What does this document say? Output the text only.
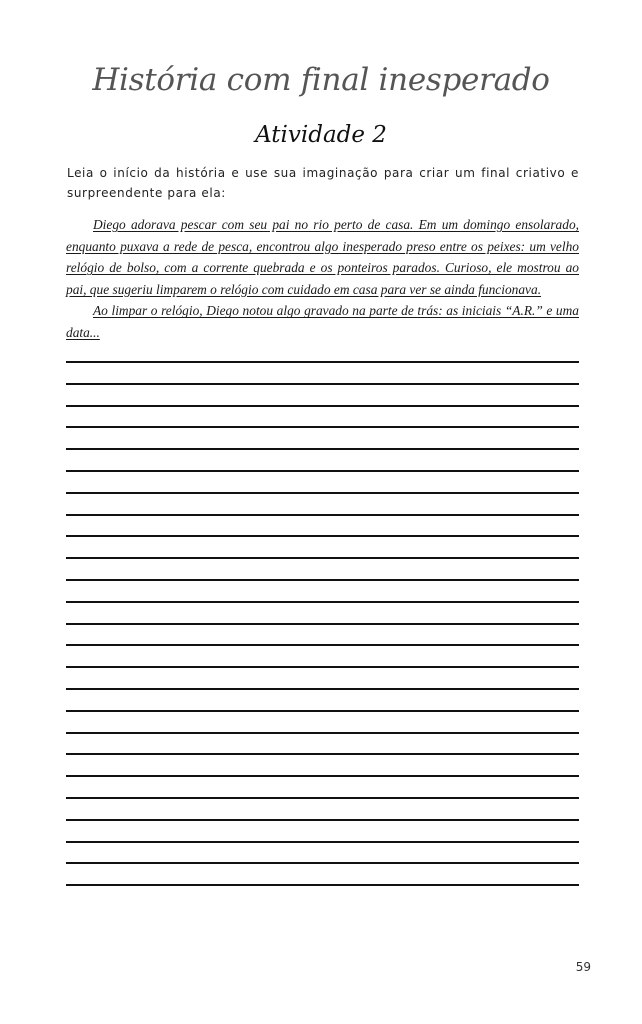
História com final inesperado
Atividade 2

Leia o início da história e use sua imaginação para criar um final criativo e surpreendente para ela:

Diego adorava pescar com seu pai no rio perto de casa. Em um domingo ensolarado, enquanto puxava a rede de pesca, encontrou algo inesperado preso entre os peixes: um velho relógio de bolso, com a corrente quebrada e os ponteiros parados. Curioso, ele mostrou ao pai, que sugeriu limparem o relógio com cuidado em casa para ver se ainda funcionava.

Ao limpar o relógio, Diego notou algo gravado na parte de trás: as iniciais “A.R.” e uma data...

59
